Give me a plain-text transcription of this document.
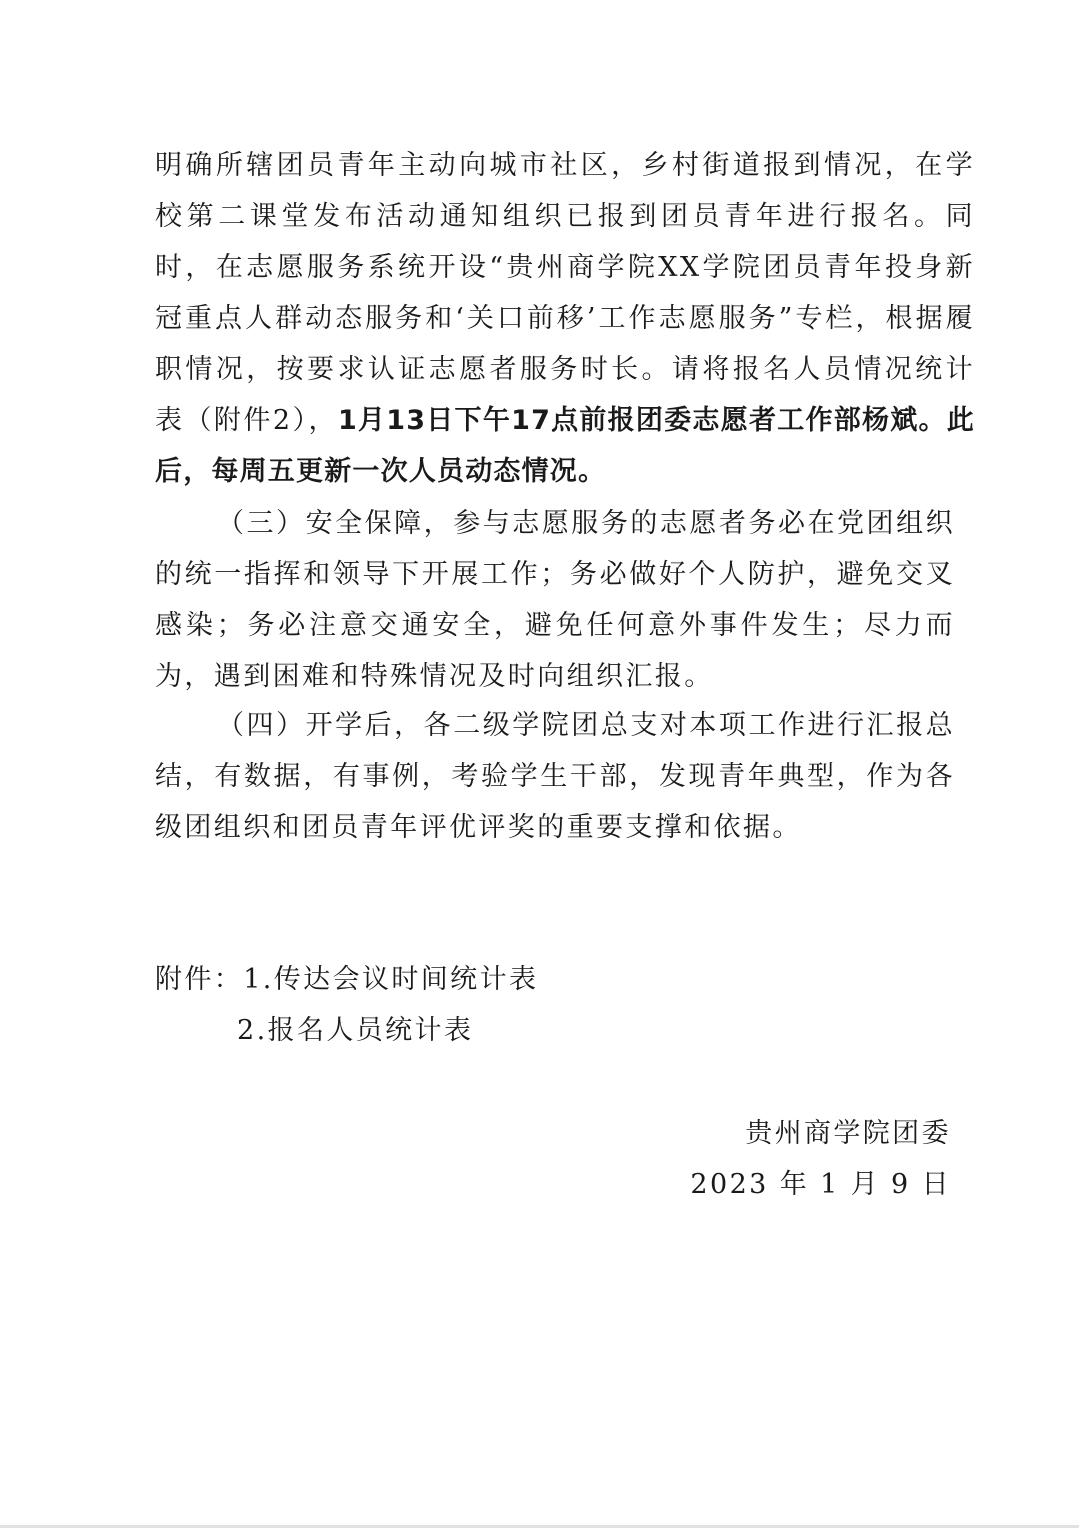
明确所辖团员青年主动向城市社区，乡村街道报到情况，在学校第二课堂发布活动通知组织已报到团员青年进行报名。同时，在志愿服务系统开设“贵州商学院XX学院团员青年投身新冠重点人群动态服务和‘关口前移’工作志愿服务”专栏，根据履职情况，按要求认证志愿者服务时长。请将报名人员情况统计表（附件2），1月13日下午17点前报团委志愿者工作部杨斌。此后，每周五更新一次人员动态情况。

（三）安全保障，参与志愿服务的志愿者务必在党团组织的统一指挥和领导下开展工作；务必做好个人防护，避免交叉感染；务必注意交通安全，避免任何意外事件发生；尽力而为，遇到困难和特殊情况及时向组织汇报。

（四）开学后，各二级学院团总支对本项工作进行汇报总结，有数据，有事例，考验学生干部，发现青年典型，作为各级团组织和团员青年评优评奖的重要支撑和依据。

附件：1.传达会议时间统计表
2.报名人员统计表
贵州商学院团委
2023 年 1 月 9 日
